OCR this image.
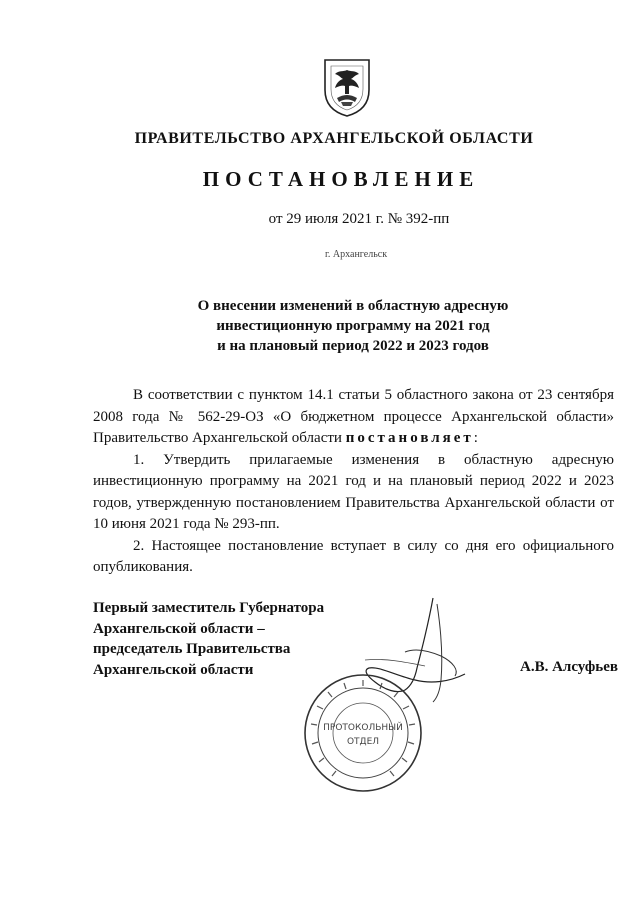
ПРАВИТЕЛЬСТВО АРХАНГЕЛЬСКОЙ ОБЛАСТИ
ПОСТАНОВЛЕНИЕ
от 29 июля 2021 г. № 392-пп
г. Архангельск
О внесении изменений в областную адресную
инвестиционную программу на 2021 год
и на плановый период 2022 и 2023 годов

В соответствии с пунктом 14.1 статьи 5 областного закона от 23 сентября 2008 года № 562-29-ОЗ «О бюджетном процессе Архангельской области» Правительство Архангельской области постановляет:

1. Утвердить прилагаемые изменения в областную адресную инвестиционную программу на 2021 год и на плановый период 2022 и 2023 годов, утвержденную постановлением Правительства Архангельской области от 10 июня 2021 года № 293-пп.

2. Настоящее постановление вступает в силу со дня его официального опубликования.

Первый заместитель Губернатора
Архангельской области –
председатель Правительства
Архангельской области	А.В. Алсуфьев
ПРОТОКОЛЬНЫЙ
ОТДЕЛ
